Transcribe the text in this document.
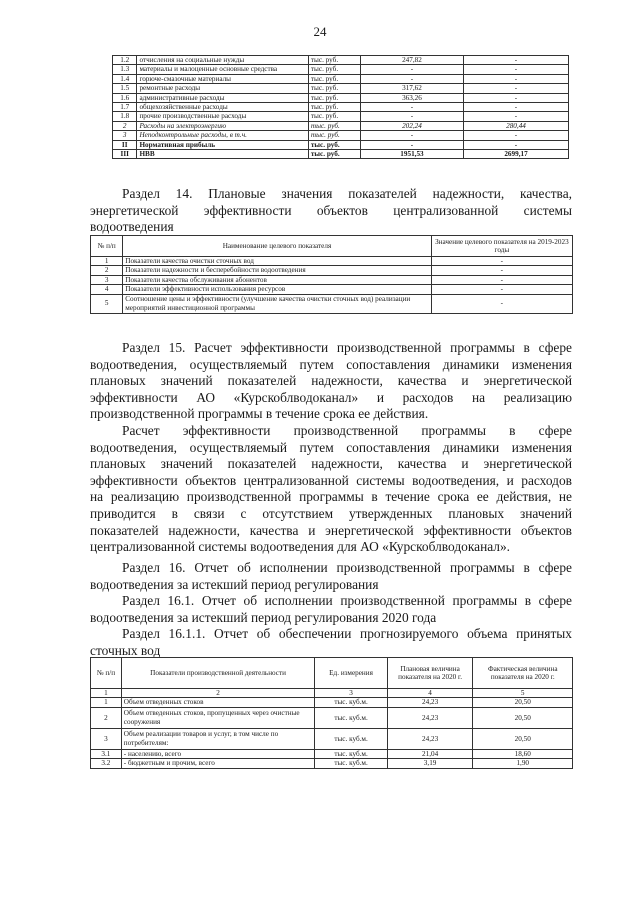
24
1.2	отчисления на социальные нужды	тыс. руб.	247,82	-
1.3	материалы и малоценные основные средства	тыс. руб.	-	-
1.4	горюче-смазочные материалы	тыс. руб.	-	-
1.5	ремонтные расходы	тыс. руб.	317,62	-
1.6	административные расходы	тыс. руб.	363,26	-
1.7	общехозяйственные расходы	тыс. руб.	-	-
1.8	прочие производственные расходы	тыс. руб.	-	-
2	Расходы на электроэнергию	тыс. руб.	202,24	280,44
3	Неподконтрольные расходы, в т.ч.	тыс. руб.	-	-
II	Нормативная прибыль	тыс. руб.	-	-
III	НВВ	тыс. руб.	1951,53	2699,17
Раздел 14. Плановые значения показателей надежности, качества,
энергетической эффективности объектов централизованной системы
водоотведения
№ п/п	Наименование целевого показателя	Значение целевого показателя на 2019-2023 годы
1	Показатели качества очистки сточных вод	-
2	Показатели надежности и бесперебойности водоотведения	-
3	Показатели качества обслуживания абонентов	-
4	Показатели эффективности использования ресурсов	-
5	Соотношение цены и эффективности (улучшение качества очистки сточных вод) реализации мероприятий инвестиционной программы	-
Раздел 15. Расчет эффективности производственной программы в сфере
водоотведения, осуществляемый путем сопоставления динамики изменения
плановых значений показателей надежности, качества и энергетической
эффективности АО «Курскоблводоканал» и расходов на реализацию
производственной программы в течение срока ее действия.
Расчет эффективности производственной программы в сфере
водоотведения, осуществляемый путем сопоставления динамики изменения
плановых значений показателей надежности, качества и энергетической
эффективности объектов централизованной системы водоотведения, и расходов
на реализацию производственной программы в течение срока ее действия, не
приводится в связи с отсутствием утвержденных плановых значений
показателей надежности, качества и энергетической эффективности объектов
централизованной системы водоотведения для АО «Курскоблводоканал».
Раздел 16. Отчет об исполнении производственной программы в сфере
водоотведения за истекший период регулирования
Раздел 16.1. Отчет об исполнении производственной программы в сфере
водоотведения за истекший период регулирования 2020 года
Раздел 16.1.1. Отчет об обеспечении прогнозируемого объема принятых
сточных вод
№ п/п	Показатели производственной деятельности	Ед. измерения	Плановая величина показателя на 2020 г.	Фактическая величина показателя на 2020 г.
1	2	3	4	5
1	Объем отведенных стоков	тыс. куб.м.	24,23	20,50
2	Объем отведенных стоков, пропущенных через очистные сооружения	тыс. куб.м.	24,23	20,50
3	Объем реализации товаров и услуг, в том числе по потребителям:	тыс. куб.м.	24,23	20,50
3.1	- населению, всего	тыс. куб.м.	21,04	18,60
3.2	- бюджетным и прочим, всего	тыс. куб.м.	3,19	1,90
